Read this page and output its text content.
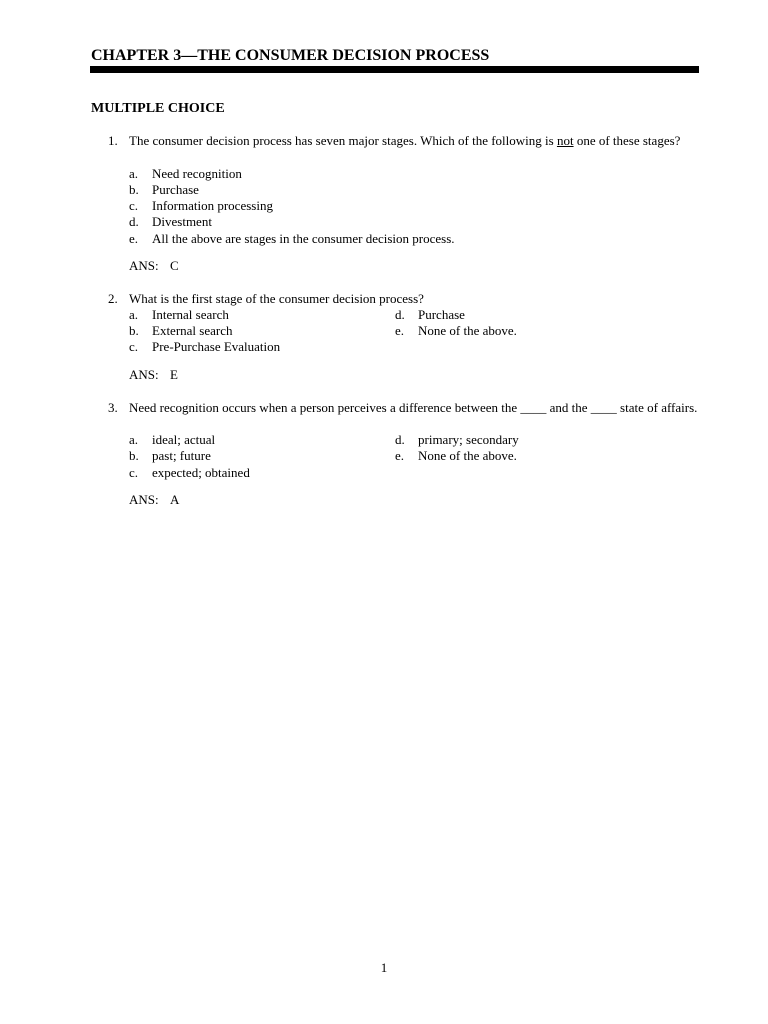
CHAPTER 3—THE CONSUMER DECISION PROCESS
MULTIPLE CHOICE
1. The consumer decision process has seven major stages. Which of the following is not one of these stages?
a. Need recognition
b. Purchase
c. Information processing
d. Divestment
e. All the above are stages in the consumer decision process.
ANS: C
2. What is the first stage of the consumer decision process?
a. Internal search
b. External search
c. Pre-Purchase Evaluation
d. Purchase
e. None of the above.
ANS: E
3. Need recognition occurs when a person perceives a difference between the ____ and the ____ state of affairs.
a. ideal; actual
b. past; future
c. expected; obtained
d. primary; secondary
e. None of the above.
ANS: A
1
